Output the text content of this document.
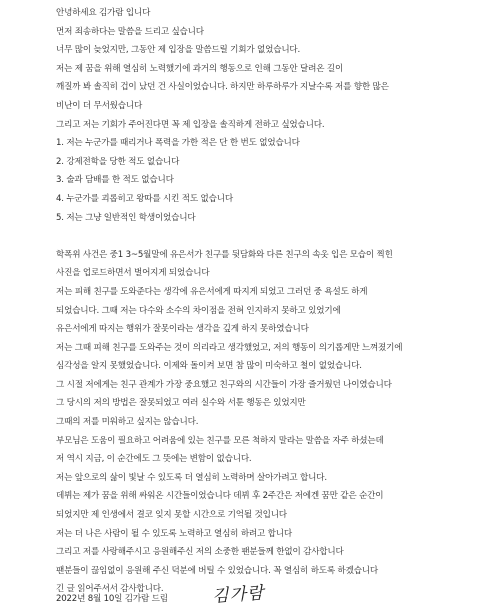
안녕하세요 김가람 입니다
먼저 죄송하다는 말씀을 드리고 싶습니다
너무 많이 늦었지만, 그동안 제 입장을 말씀드릴 기회가 없었습니다.
저는 제 꿈을 위해 열심히 노력했기에 과거의 행동으로 인해 그동안 달려온 길이
깨질까 봐 솔직히 겁이 났던 건 사실이었습니다. 하지만 하루하루가 지날수록 저를 향한 많은
비난이 더 무서웠습니다
그리고 저는 기회가 주어진다면 꼭 제 입장을 솔직하게 전하고 싶었습니다.
1. 저는 누군가를 때리거나 폭력을 가한 적은 단 한 번도 없었습니다
2. 강제전학을 당한 적도 없습니다
3. 술과 담배를 한 적도 없습니다
4. 누군가를 괴롭히고 왕따를 시킨 적도 없습니다
5. 저는 그냥 일반적인 학생이었습니다
학폭위 사건은 중1 3~5월말에 유은서가 친구를 뒷담화와 다른 친구의 속옷 입은 모습이 찍힌
사진을 업로드하면서 벌어지게 되었습니다
저는 피해 친구를 도와준다는 생각에 유은서에게 따지게 되었고 그러던 중 욕설도 하게
되었습니다. 그때 저는 다수와 소수의 차이점을 전혀 인지하지 못하고 있었기에
유은서에게 따지는 행위가 잘못이라는 생각을 깊게 하지 못하였습니다
저는 그때 피해 친구를 도와주는 것이 의리라고 생각했었고, 저의 행동이 의기롭게만 느껴졌기에
심각성을 알지 못했었습니다. 이제와 돌이켜 보면 참 많이 미숙하고 철이 없었습니다.
그 시절 저에게는 친구 관계가 가장 중요했고 친구와의 시간들이 가장 즐거웠던 나이였습니다
그 당시의 저의 방법은 잘못되었고 여러 실수와 서툰 행동은 있었지만
그때의 저를 미워하고 싶지는 않습니다.
부모님은 도움이 필요하고 어려움에 있는 친구를 모른 척하지 말라는 말씀을 자주 하셨는데
저 역시 지금, 이 순간에도 그 뜻에는 변함이 없습니다.
저는 앞으로의 삶이 빛날 수 있도록 더 열심히 노력하며 살아가려고 합니다.
데뷔는 제가 꿈을 위해 싸워온 시간들이었습니다 데뷔 후 2주간은 저에겐 꿈만 같은 순간이
되었지만 제 인생에서 결코 잊지 못할 시간으로 기억될 것입니다
저는 더 나은 사람이 될 수 있도록 노력하고 열심히 하려고 합니다
그리고 저를 사랑해주시고 응원해주신 저의 소중한 팬분들께 한없이 감사합니다
팬분들이 끊임없이 응원해 주신 덕분에 버틸 수 있었습니다. 꼭 열심히 하도록 하겠습니다
긴 글 읽어주셔서 감사합니다.
2022년 8월 10일 김가람 드림	김가람
